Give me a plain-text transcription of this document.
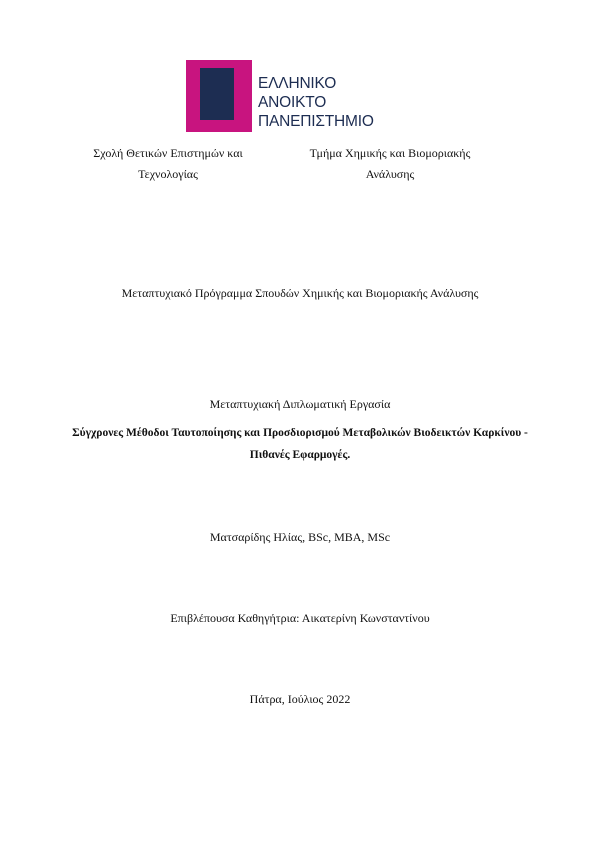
ΕΛΛΗΝΙΚΟ
ΑΝΟΙΚΤΟ
ΠΑΝΕΠΙΣΤΗΜΙΟ
Σχολή Θετικών Επιστημών και
Τεχνολογίας
Τμήμα Χημικής και Βιομοριακής
Ανάλυσης
Μεταπτυχιακό Πρόγραμμα Σπουδών Χημικής και Βιομοριακής Ανάλυσης
Μεταπτυχιακή Διπλωματική Εργασία
Σύγχρονες Μέθοδοι Ταυτοποίησης και Προσδιορισμού Μεταβολικών Βιοδεικτών Καρκίνου -
Πιθανές Εφαρμογές.
Ματσαρίδης Ηλίας, BSc, MBA, MSc
Επιβλέπουσα Καθηγήτρια: Αικατερίνη Κωνσταντίνου
Πάτρα, Ιούλιος 2022
